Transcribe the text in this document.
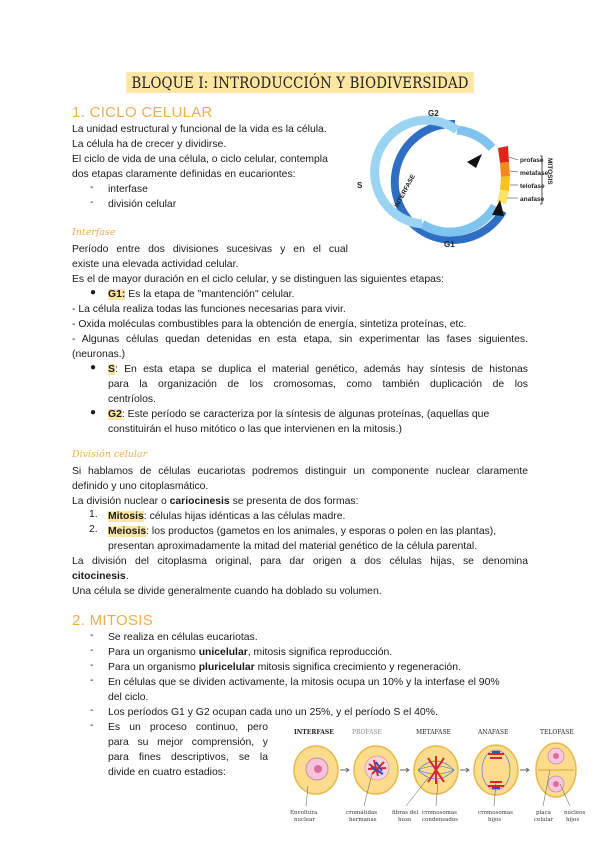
BLOQUE I: INTRODUCCIÓN Y BIODIVERSIDAD
1. CICLO CELULAR
La unidad estructural y funcional de la vida es la célula.
La célula ha de crecer y dividirse.
El ciclo de vida de una célula, o ciclo celular, contempla
dos etapas claramente definidas en eucariontes:
- interfase
- división celular
G2
S
G1
INTERFASE
MITOSIS
profase
metafase
telofase
anafase
Interfase
Período entre dos divisiones sucesivas y en el cual
existe una elevada actividad celular.
Es el de mayor duración en el ciclo celular, y se distinguen las siguientes etapas:
● G1: Es la etapa de "mantención" celular.
- La célula realiza todas las funciones necesarias para vivir.
- Oxida moléculas combustibles para la obtención de energía, sintetiza proteínas, etc.
- Algunas células quedan detenidas en esta etapa, sin experimentar las fases siguientes.
(neuronas.)
● S: En esta etapa se duplica el material genético, además hay síntesis de histonas
para la organización de los cromosomas, como también duplicación de los
centríolos.
● G2: Este período se caracteriza por la síntesis de algunas proteínas, (aquellas que
constituirán el huso mitótico o las que intervienen en la mitosis.)
División celular
Si hablamos de células eucariotas podremos distinguir un componente nuclear claramente
definido y uno citoplasmático.
La división nuclear o cariocinesis se presenta de dos formas:
1. Mitosis: células hijas idénticas a las células madre.
2. Meiosis: los productos (gametos en los animales, y esporas o polen en las plantas),
presentan aproximadamente la mitad del material genético de la célula parental.
La división del citoplasma original, para dar origen a dos células hijas, se denomina
citocinesis.
Una célula se divide generalmente cuando ha doblado su volumen.
2. MITOSIS
- Se realiza en células eucariotas.
- Para un organismo unicelular, mitosis significa reproducción.
- Para un organismo pluricelular mitosis significa crecimiento y regeneración.
- En células que se dividen activamente, la mitosis ocupa un 10% y la interfase el 90%
del ciclo.
- Los períodos G1 y G2 ocupan cada uno un 25%, y el período S el 40%.
- Es un proceso continuo, pero
para su mejor comprensión, y
para fines descriptivos, se la
divide en cuatro estadios:
INTERFASE	PROFASE	METAFASE	ANAFASE	TELOFASE
Envoltura
nuclear
cromátidas
hermanas
fibras del
huso
cromosomas
condensados
cromosomas
hijos
placa
celular
núcleos
hijos
